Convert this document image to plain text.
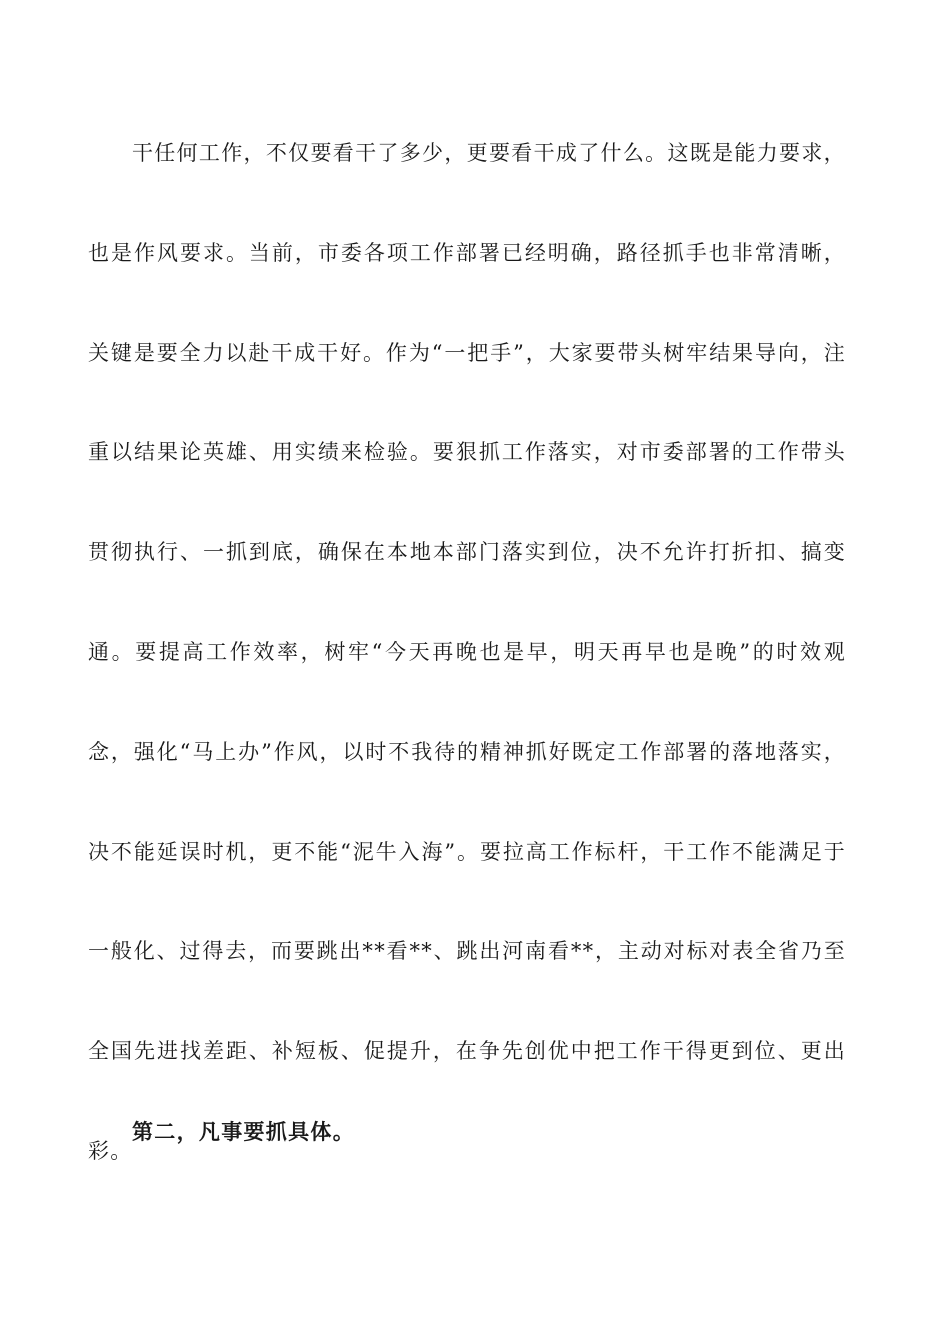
干任何工作，不仅要看干了多少，更要看干成了什么。这既是能力要求，也是作风要求。当前，市委各项工作部署已经明确，路径抓手也非常清晰，关键是要全力以赴干成干好。作为“一把手”，大家要带头树牢结果导向，注重以结果论英雄、用实绩来检验。要狠抓工作落实，对市委部署的工作带头贯彻执行、一抓到底，确保在本地本部门落实到位，决不允许打折扣、搞变通。要提高工作效率，树牢“今天再晚也是早，明天再早也是晚”的时效观念，强化“马上办”作风，以时不我待的精神抓好既定工作部署的落地落实，决不能延误时机，更不能“泥牛入海”。要拉高工作标杆，干工作不能满足于一般化、过得去，而要跳出**看**、跳出河南看**，主动对标对表全省乃至全国先进找差距、补短板、促提升，在争先创优中把工作干得更到位、更出彩。

第二，凡事要抓具体。
